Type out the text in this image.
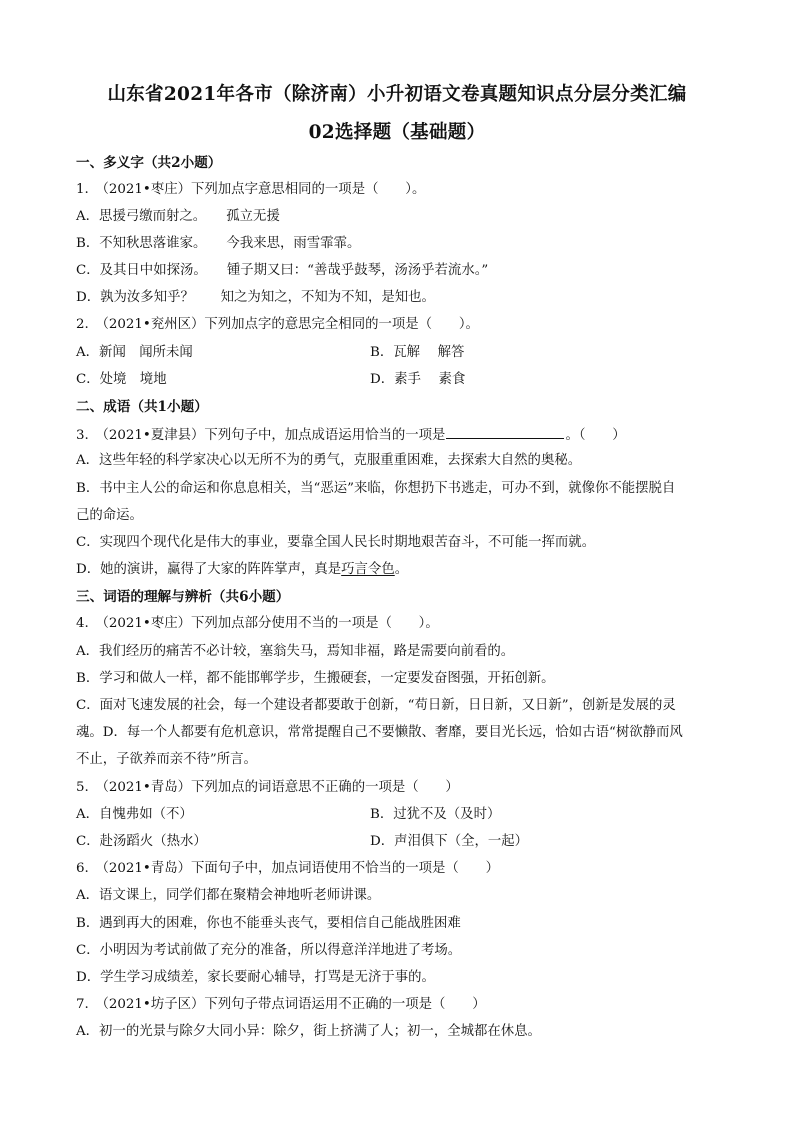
山东省2021年各市（除济南）小升初语文卷真题知识点分层分类汇编
02选择题（基础题）
一、多义字（共2小题）
1.　（2021•枣庄）下列加点字意思相同的一项是（　　）。
A．思援弓缴而射之。　　孤立无援
B．不知秋思落谁家。　　今我来思，雨雪霏霏。
C．及其日中如探汤。　　锺子期又曰：“善哉乎鼓琴，汤汤乎若流水。”
D．孰为汝多知乎？　　知之为知之，不知为不知，是知也。
2.　（2021•兖州区）下列加点字的意思完全相同的一项是（　　）。
A．新闻　闻所未闻	B．瓦解　 解答
C．处境　境地	D．素手　 素食
二、成语（共1小题）
3.　（2021•夏津县）下列句子中，加点成语运用恰当的一项是	。（　　）
A．这些年轻的科学家决心以无所不为的勇气，克服重重困难，去探索大自然的奥秘。
B．书中主人公的命运和你息息相关，当“恶运”来临，你想扔下书逃走，可办不到，就像你不能摆脱自
己的命运。
C．实现四个现代化是伟大的事业，要靠全国人民长时期地艰苦奋斗，不可能一挥而就。
D．她的演讲，赢得了大家的阵阵掌声，真是巧言令色。
三、词语的理解与辨析（共6小题）
4.　（2021•枣庄）下列加点部分使用不当的一项是（　　）。
A．我们经历的痛苦不必计较，塞翁失马，焉知非福，路是需要向前看的。
B．学习和做人一样，都不能邯郸学步，生搬硬套，一定要发奋图强，开拓创新。
C．面对飞速发展的社会，每一个建设者都要敢于创新，“苟日新，日日新，又日新”，创新是发展的灵
魂。D．每一个人都要有危机意识，常常提醒自己不要懒散、奢靡，要目光长远，恰如古语“树欲静而风
不止，子欲养而亲不待”所言。
5.　（2021•青岛）下列加点的词语意思不正确的一项是（　　）
A．自愧弗如（不）	B．过犹不及（及时）
C．赴汤蹈火（热水）	D．声泪俱下（全，一起）
6.　（2021•青岛）下面句子中，加点词语使用不恰当的一项是（　　）
A．语文课上，同学们都在聚精会神地听老师讲课。
B．遇到再大的困难，你也不能垂头丧气，要相信自己能战胜困难
C．小明因为考试前做了充分的准备，所以得意洋洋地进了考场。
D．学生学习成绩差，家长要耐心辅导，打骂是无济于事的。
7.　（2021•坊子区）下列句子带点词语运用不正确的一项是（　　）
A．初一的光景与除夕大同小异：除夕，街上挤满了人；初一，全城都在休息。
